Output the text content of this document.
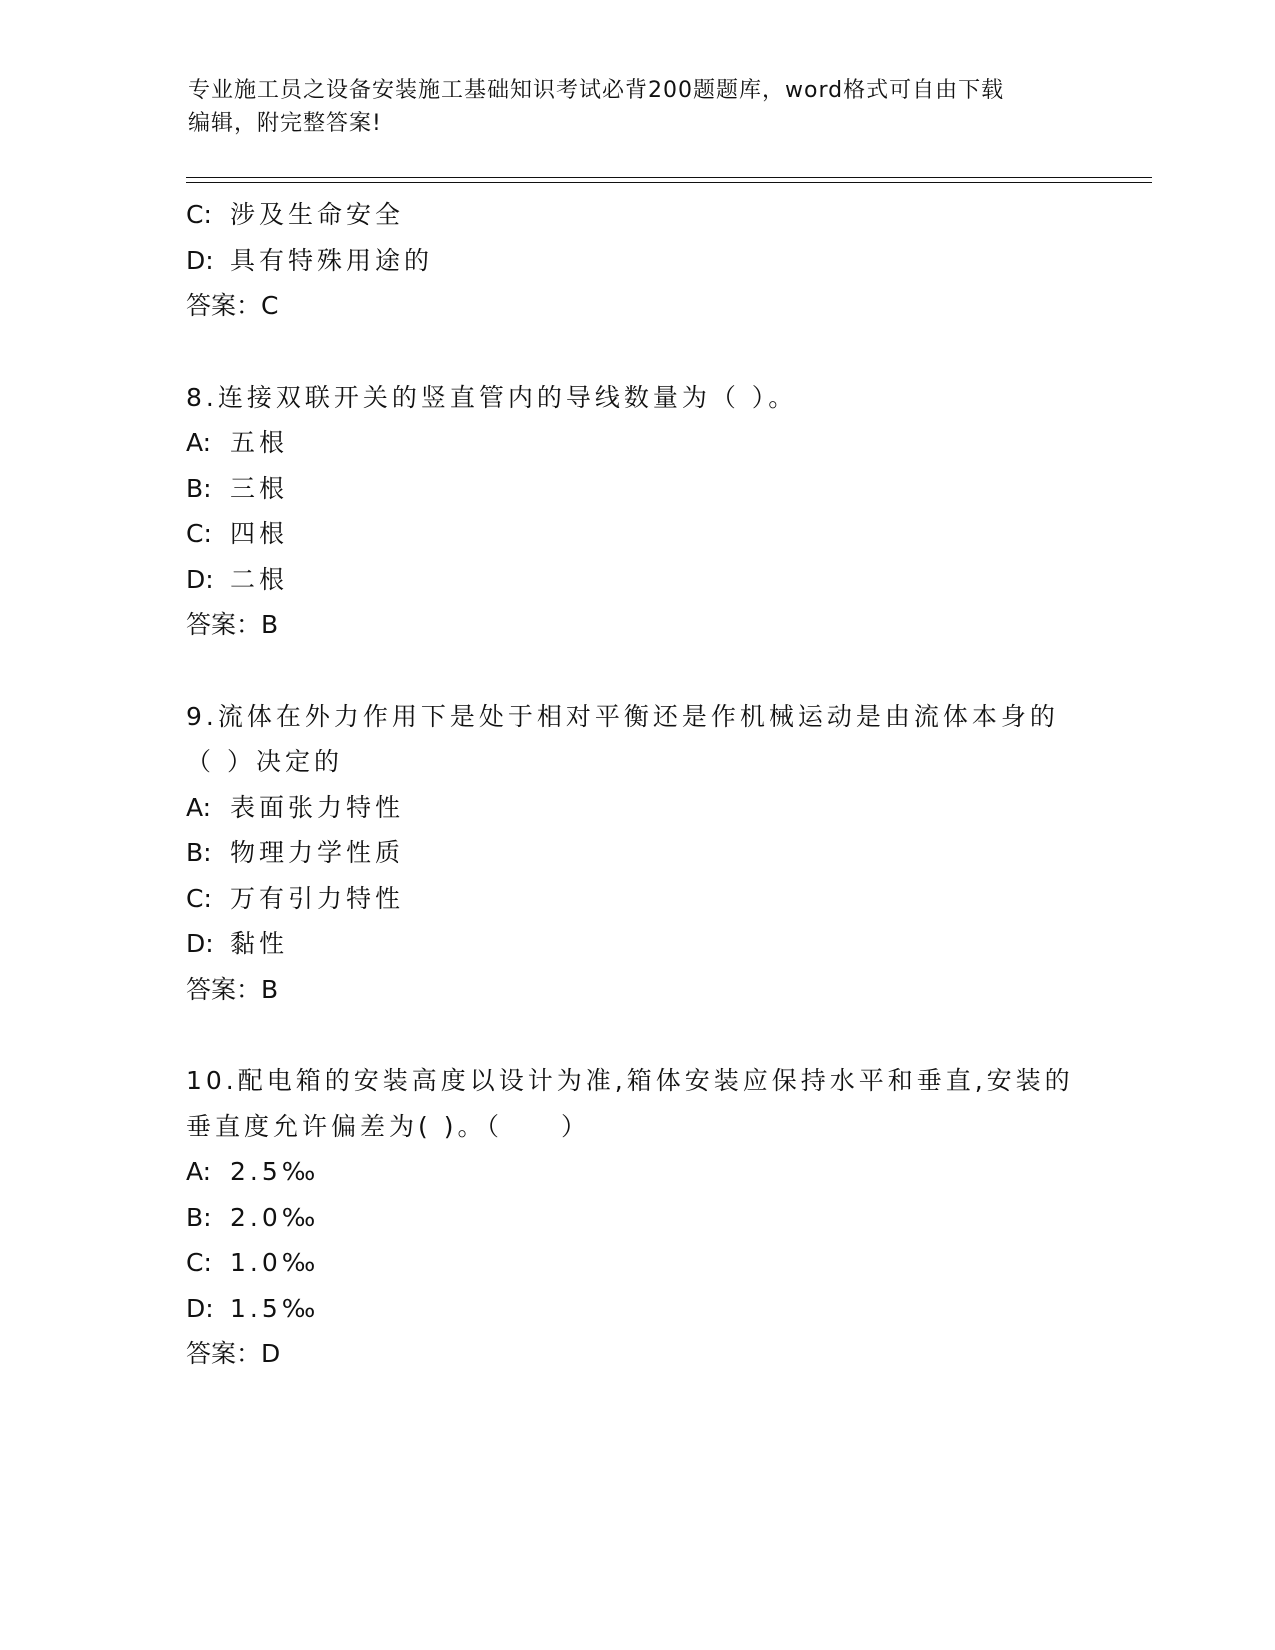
专业施工员之设备安装施工基础知识考试必背200题题库，word格式可自由下载
编辑，附完整答案!
C: 涉及生命安全
D: 具有特殊用途的
答案：C
8.连接双联开关的竖直管内的导线数量为（ ）。
A: 五根
B: 三根
C: 四根
D: 二根
答案：B
9.流体在外力作用下是处于相对平衡还是作机械运动是由流体本身的
（ ）决定的
A: 表面张力特性
B: 物理力学性质
C: 万有引力特性
D: 黏性
答案：B
10.配电箱的安装高度以设计为准,箱体安装应保持水平和垂直,安装的
垂直度允许偏差为( )。（　　）
A: 2.5‰
B: 2.0‰
C: 1.0‰
D: 1.5‰
答案：D
